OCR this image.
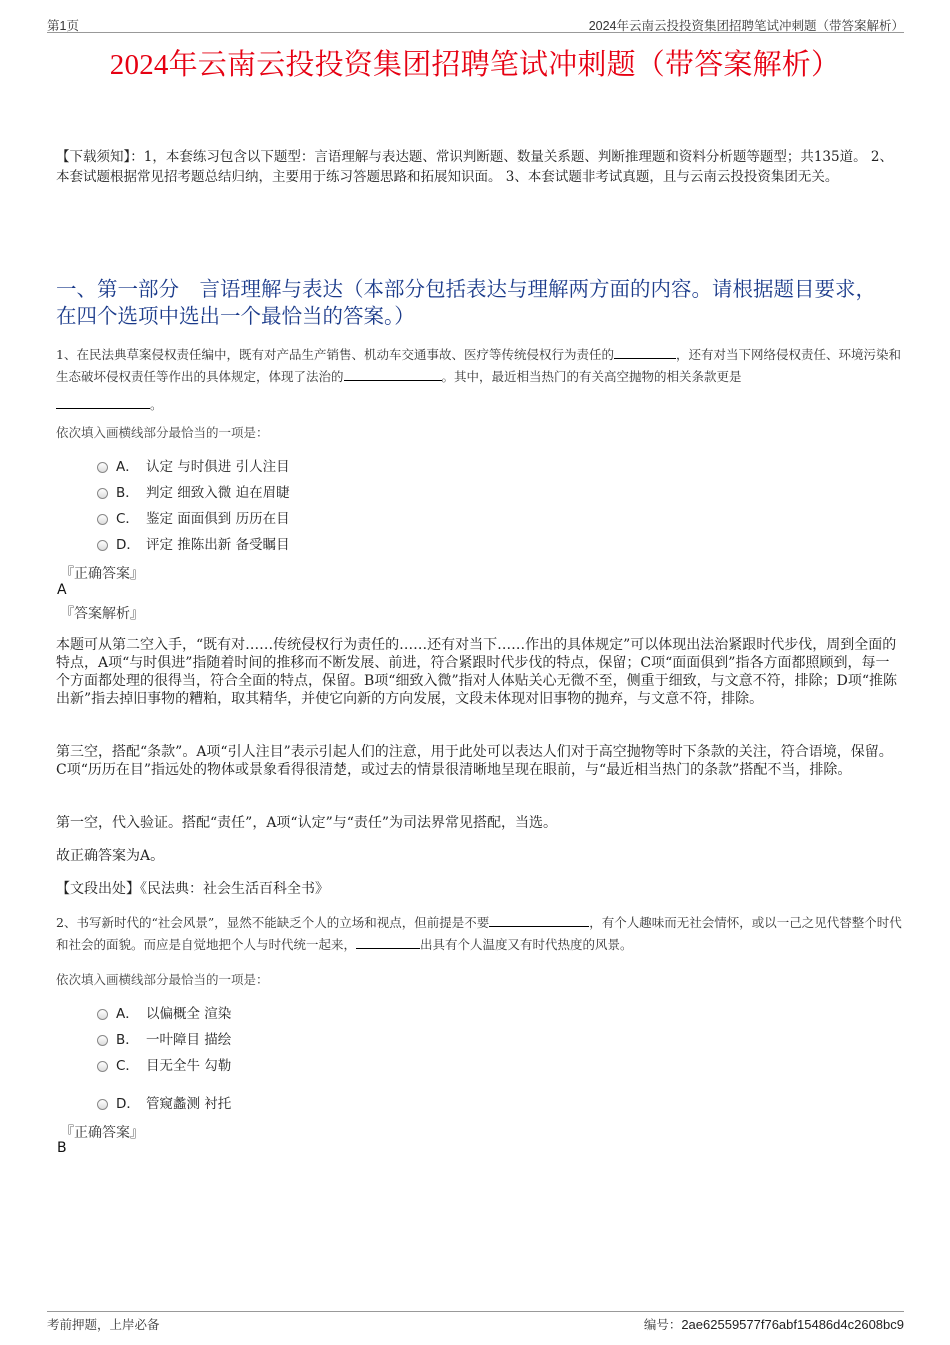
第1页	2024年云南云投投资集团招聘笔试冲刺题（带答案解析）
2024年云南云投投资集团招聘笔试冲刺题（带答案解析）
【下载须知】：1，本套练习包含以下题型：言语理解与表达题、常识判断题、数量关系题、判断推理题和资料分析题等题型；共135道。 2、本套试题根据常见招考题总结归纳，主要用于练习答题思路和拓展知识面。 3、本套试题非考试真题，且与云南云投投资集团无关。
一、第一部分　言语理解与表达（本部分包括表达与理解两方面的内容。请根据题目要求，在四个选项中选出一个最恰当的答案。）
1、在民法典草案侵权责任编中，既有对产品生产销售、机动车交通事故、医疗等传统侵权行为责任的	，还有对当下网络侵权责任、环境污染和生态破坏侵权责任等作出的具体规定，体现了法治的	。其中，最近相当热门的有关高空抛物的相关条款更是
。
依次填入画横线部分最恰当的一项是：
A． 认定 与时俱进 引人注目
B． 判定 细致入微 迫在眉睫
C． 鉴定 面面俱到 历历在目
D． 评定 推陈出新 备受瞩目
『正确答案』
A
『答案解析』
本题可从第二空入手，“既有对……传统侵权行为责任的……还有对当下……作出的具体规定”可以体现出法治紧跟时代步伐，周到全面的特点，A项“与时俱进”指随着时间的推移而不断发展、前进，符合紧跟时代步伐的特点，保留；C项“面面俱到”指各方面都照顾到，每一个方面都处理的很得当，符合全面的特点，保留。B项“细致入微”指对人体贴关心无微不至，侧重于细致，与文意不符，排除；D项“推陈出新”指去掉旧事物的糟粕，取其精华，并使它向新的方向发展，文段未体现对旧事物的抛弃，与文意不符，排除。
第三空，搭配“条款”。A项“引人注目”表示引起人们的注意，用于此处可以表达人们对于高空抛物等时下条款的关注，符合语境，保留。C项“历历在目”指远处的物体或景象看得很清楚，或过去的情景很清晰地呈现在眼前，与“最近相当热门的条款”搭配不当，排除。
第一空，代入验证。搭配“责任”，A项“认定”与“责任”为司法界常见搭配，当选。
故正确答案为A。
【文段出处】《民法典：社会生活百科全书》
2、书写新时代的“社会风景”，显然不能缺乏个人的立场和视点，但前提是不要	，有个人趣味而无社会情怀，或以一己之见代替整个时代和社会的面貌。而应是自觉地把个人与时代统一起来，	出具有个人温度又有时代热度的风景。
依次填入画横线部分最恰当的一项是：
A． 以偏概全 渲染
B． 一叶障目 描绘
C． 目无全牛 勾勒
D． 管窥蠡测 衬托
『正确答案』
B
考前押题，上岸必备	编号：2ae62559577f76abf15486d4c2608bc9
